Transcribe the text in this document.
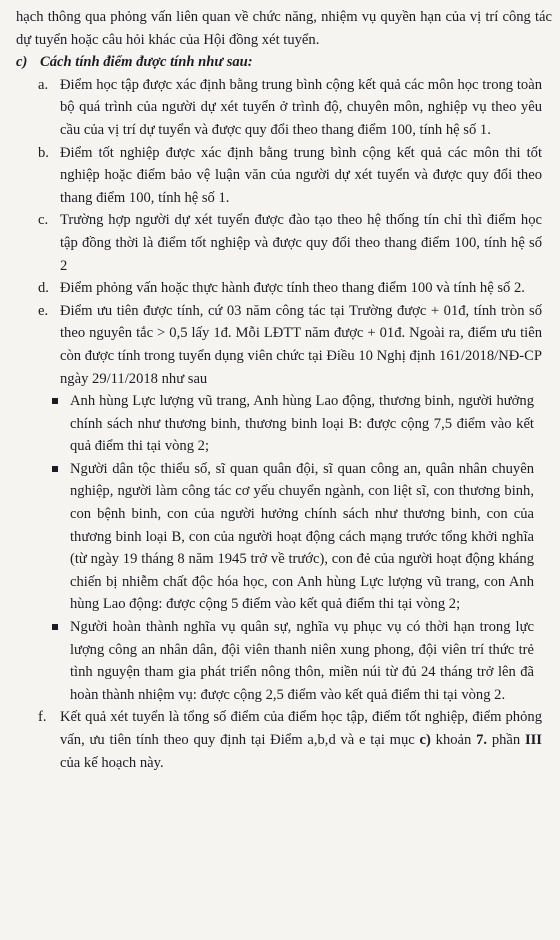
hạch thông qua phỏng vấn liên quan về chức năng, nhiệm vụ quyền hạn của vị trí công tác dự tuyển hoặc câu hỏi khác của Hội đồng xét tuyển.

c) Cách tính điểm được tính như sau:

a. Điểm học tập được xác định bằng trung bình cộng kết quả các môn học trong toàn bộ quá trình của người dự xét tuyển ở trình độ, chuyên môn, nghiệp vụ theo yêu cầu của vị trí dự tuyển và được quy đổi theo thang điểm 100, tính hệ số 1.
b. Điểm tốt nghiệp được xác định bằng trung bình cộng kết quả các môn thi tốt nghiệp hoặc điểm bảo vệ luận văn của người dự xét tuyển và được quy đổi theo thang điểm 100, tính hệ số 1.
c. Trường hợp người dự xét tuyển được đào tạo theo hệ thống tín chỉ thì điểm học tập đồng thời là điểm tốt nghiệp và được quy đổi theo thang điểm 100, tính hệ số 2
d. Điểm phỏng vấn hoặc thực hành được tính theo thang điểm 100 và tính hệ số 2.
e. Điểm ưu tiên được tính, cứ 03 năm công tác tại Trường được + 01đ, tính tròn số theo nguyên tắc > 0,5 lấy 1đ. Mỗi LĐTT năm được + 01đ. Ngoài ra, điểm ưu tiên còn được tính trong tuyển dụng viên chức tại Điều 10 Nghị định 161/2018/NĐ-CP ngày 29/11/2018 như sau
Anh hùng Lực lượng vũ trang, Anh hùng Lao động, thương binh, người hưởng chính sách như thương binh, thương binh loại B: được cộng 7,5 điểm vào kết quả điểm thi tại vòng 2;
Người dân tộc thiểu số, sĩ quan quân đội, sĩ quan công an, quân nhân chuyên nghiệp, người làm công tác cơ yếu chuyển ngành, con liệt sĩ, con thương binh, con bệnh binh, con của người hưởng chính sách như thương binh, con của thương binh loại B, con của người hoạt động cách mạng trước tổng khởi nghĩa (từ ngày 19 tháng 8 năm 1945 trở về trước), con đẻ của người hoạt động kháng chiến bị nhiễm chất độc hóa học, con Anh hùng Lực lượng vũ trang, con Anh hùng Lao động: được cộng 5 điểm vào kết quả điểm thi tại vòng 2;
Người hoàn thành nghĩa vụ quân sự, nghĩa vụ phục vụ có thời hạn trong lực lượng công an nhân dân, đội viên thanh niên xung phong, đội viên trí thức trẻ tình nguyện tham gia phát triển nông thôn, miền núi từ đủ 24 tháng trở lên đã hoàn thành nhiệm vụ: được cộng 2,5 điểm vào kết quả điểm thi tại vòng 2.
f. Kết quả xét tuyển là tổng số điểm của điểm học tập, điểm tốt nghiệp, điểm phỏng vấn, ưu tiên tính theo quy định tại Điểm a,b,d và e tại mục c) khoản 7. phần III của kế hoạch này.
